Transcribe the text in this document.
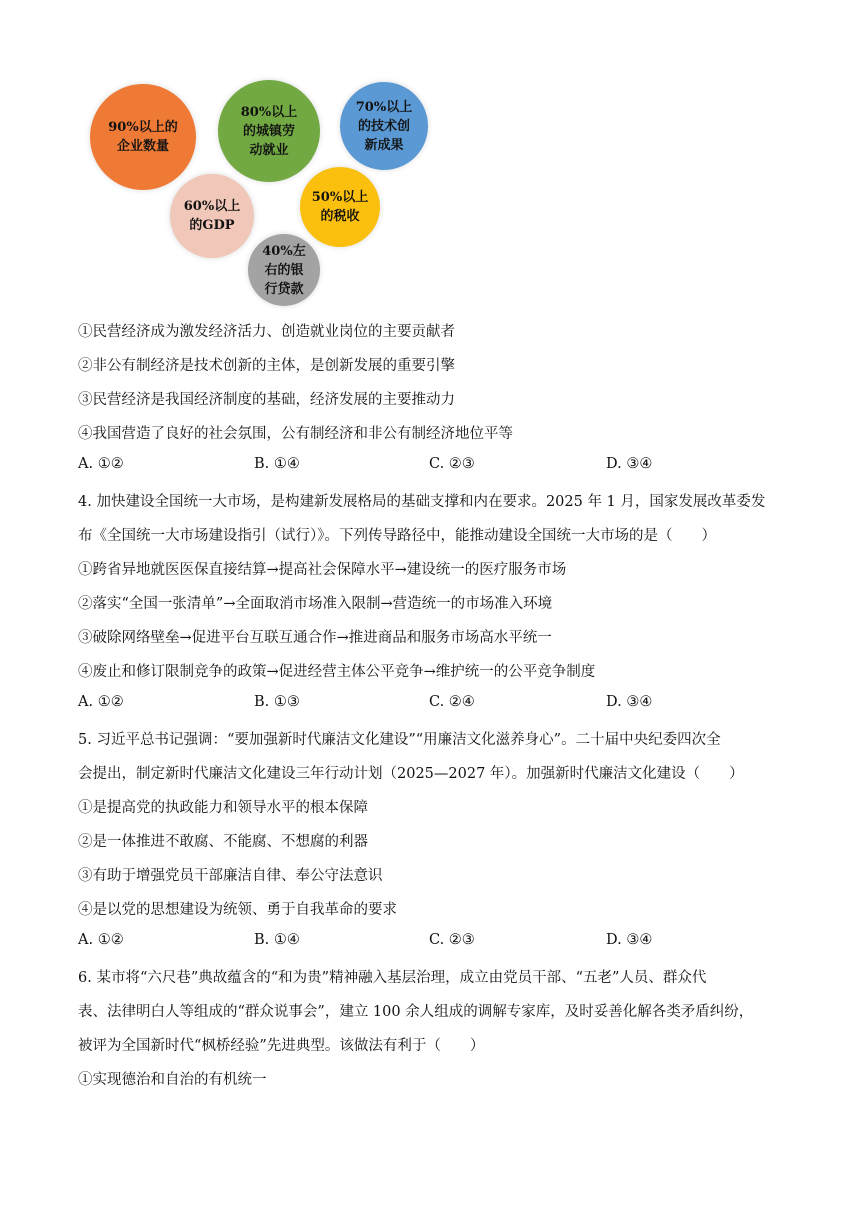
90%以上的
企业数量
80%以上
的城镇劳
动就业
70%以上
的技术创
新成果
60%以上
的GDP
50%以上
的税收
40%左
右的银
行贷款
①民营经济成为激发经济活力、创造就业岗位的主要贡献者
②非公有制经济是技术创新的主体，是创新发展的重要引擎
③民营经济是我国经济制度的基础，经济发展的主要推动力
④我国营造了良好的社会氛围，公有制经济和非公有制经济地位平等
A. ①②	B. ①④	C. ②③	D. ③④
4. 加快建设全国统一大市场，是构建新发展格局的基础支撑和内在要求。2025 年 1 月，国家发展改革委发
布《全国统一大市场建设指引（试行）》。下列传导路径中，能推动建设全国统一大市场的是（　　）
①跨省异地就医医保直接结算→提高社会保障水平→建设统一的医疗服务市场
②落实“全国一张清单”→全面取消市场准入限制→营造统一的市场准入环境
③破除网络壁垒→促进平台互联互通合作→推进商品和服务市场高水平统一
④废止和修订限制竞争的政策→促进经营主体公平竞争→维护统一的公平竞争制度
A. ①②	B. ①③	C. ②④	D. ③④
5. 习近平总书记强调：“要加强新时代廉洁文化建设”“用廉洁文化滋养身心”。二十届中央纪委四次全
会提出，制定新时代廉洁文化建设三年行动计划（2025—2027 年）。加强新时代廉洁文化建设（　　）
①是提高党的执政能力和领导水平的根本保障
②是一体推进不敢腐、不能腐、不想腐的利器
③有助于增强党员干部廉洁自律、奉公守法意识
④是以党的思想建设为统领、勇于自我革命的要求
A. ①②	B. ①④	C. ②③	D. ③④
6. 某市将“六尺巷”典故蕴含的“和为贵”精神融入基层治理，成立由党员干部、“五老”人员、群众代
表、法律明白人等组成的“群众说事会”，建立 100 余人组成的调解专家库，及时妥善化解各类矛盾纠纷，
被评为全国新时代“枫桥经验”先进典型。该做法有利于（　　）
①实现德治和自治的有机统一
